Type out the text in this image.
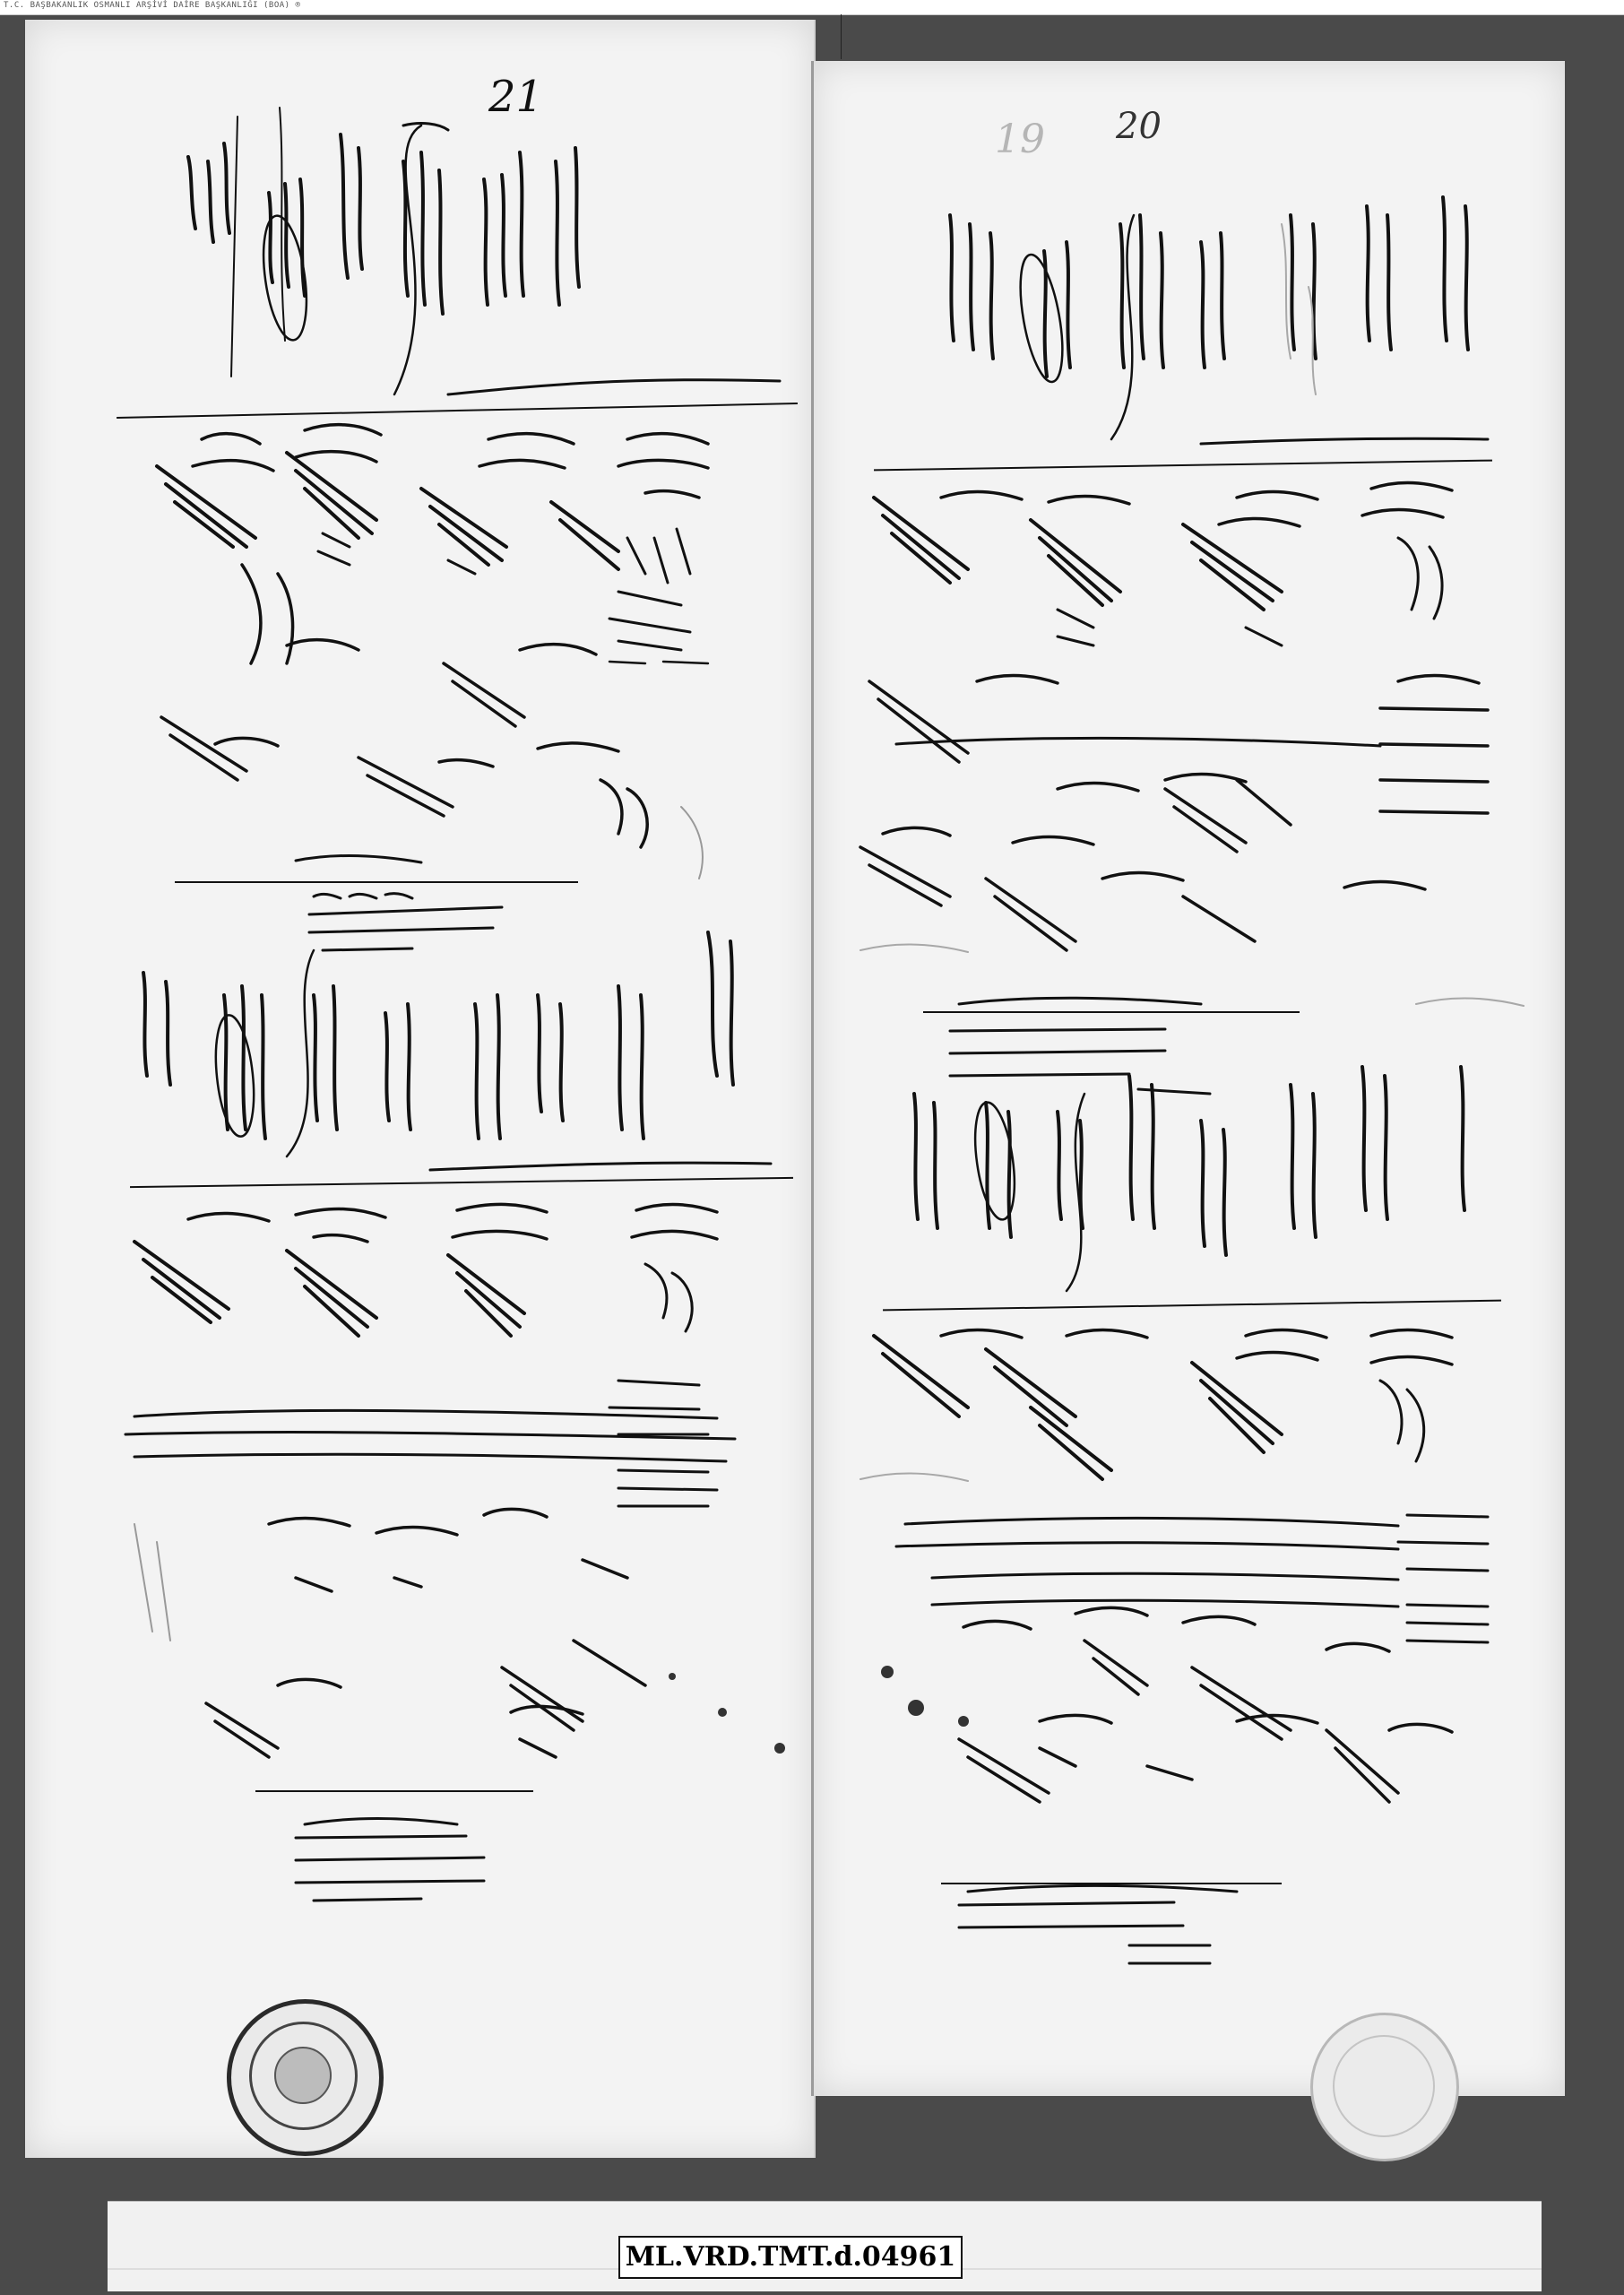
T.C. BAŞBAKANLIK OSMANLI ARŞİVİ DAİRE BAŞKANLIĞI (BOA) ®
21
20
19
ML.VRD.TMT.d.04961
